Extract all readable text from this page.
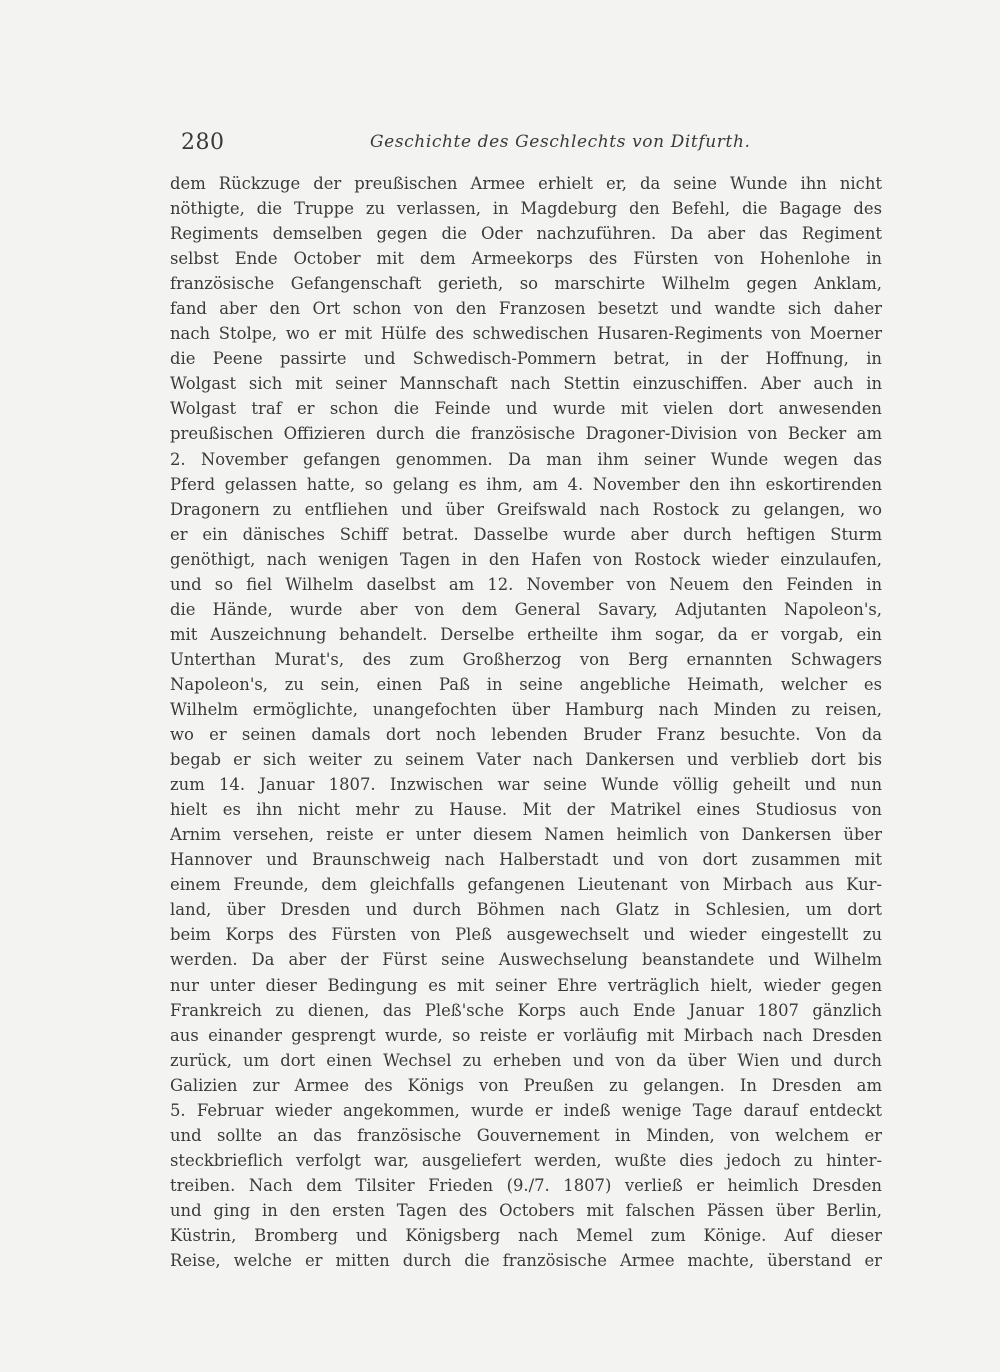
280	Geschichte des Geschlechts von Ditfurth.
dem Rückzuge der preußischen Armee erhielt er, da seine Wunde ihn nicht
nöthigte, die Truppe zu verlassen, in Magdeburg den Befehl, die Bagage des
Regiments demselben gegen die Oder nachzuführen. Da aber das Regiment
selbst Ende October mit dem Armeekorps des Fürsten von Hohenlohe in
französische Gefangenschaft gerieth, so marschirte Wilhelm gegen Anklam,
fand aber den Ort schon von den Franzosen besetzt und wandte sich daher
nach Stolpe, wo er mit Hülfe des schwedischen Husaren-Regiments von Moerner
die Peene passirte und Schwedisch-Pommern betrat, in der Hoffnung, in
Wolgast sich mit seiner Mannschaft nach Stettin einzuschiffen. Aber auch in
Wolgast traf er schon die Feinde und wurde mit vielen dort anwesenden
preußischen Offizieren durch die französische Dragoner-Division von Becker am
2. November gefangen genommen. Da man ihm seiner Wunde wegen das
Pferd gelassen hatte, so gelang es ihm, am 4. November den ihn eskortirenden
Dragonern zu entfliehen und über Greifswald nach Rostock zu gelangen, wo
er ein dänisches Schiff betrat. Dasselbe wurde aber durch heftigen Sturm
genöthigt, nach wenigen Tagen in den Hafen von Rostock wieder einzulaufen,
und so fiel Wilhelm daselbst am 12. November von Neuem den Feinden in
die Hände, wurde aber von dem General Savary, Adjutanten Napoleon's,
mit Auszeichnung behandelt. Derselbe ertheilte ihm sogar, da er vorgab, ein
Unterthan Murat's, des zum Großherzog von Berg ernannten Schwagers
Napoleon's, zu sein, einen Paß in seine angebliche Heimath, welcher es
Wilhelm ermöglichte, unangefochten über Hamburg nach Minden zu reisen,
wo er seinen damals dort noch lebenden Bruder Franz besuchte. Von da
begab er sich weiter zu seinem Vater nach Dankersen und verblieb dort bis
zum 14. Januar 1807. Inzwischen war seine Wunde völlig geheilt und nun
hielt es ihn nicht mehr zu Hause. Mit der Matrikel eines Studiosus von
Arnim versehen, reiste er unter diesem Namen heimlich von Dankersen über
Hannover und Braunschweig nach Halberstadt und von dort zusammen mit
einem Freunde, dem gleichfalls gefangenen Lieutenant von Mirbach aus Kur-
land, über Dresden und durch Böhmen nach Glatz in Schlesien, um dort
beim Korps des Fürsten von Pleß ausgewechselt und wieder eingestellt zu
werden. Da aber der Fürst seine Auswechselung beanstandete und Wilhelm
nur unter dieser Bedingung es mit seiner Ehre verträglich hielt, wieder gegen
Frankreich zu dienen, das Pleß'sche Korps auch Ende Januar 1807 gänzlich
aus einander gesprengt wurde, so reiste er vorläufig mit Mirbach nach Dresden
zurück, um dort einen Wechsel zu erheben und von da über Wien und durch
Galizien zur Armee des Königs von Preußen zu gelangen. In Dresden am
5. Februar wieder angekommen, wurde er indeß wenige Tage darauf entdeckt
und sollte an das französische Gouvernement in Minden, von welchem er
steckbrieflich verfolgt war, ausgeliefert werden, wußte dies jedoch zu hinter-
treiben. Nach dem Tilsiter Frieden (9./7. 1807) verließ er heimlich Dresden
und ging in den ersten Tagen des Octobers mit falschen Pässen über Berlin,
Küstrin, Bromberg und Königsberg nach Memel zum Könige. Auf dieser
Reise, welche er mitten durch die französische Armee machte, überstand er
